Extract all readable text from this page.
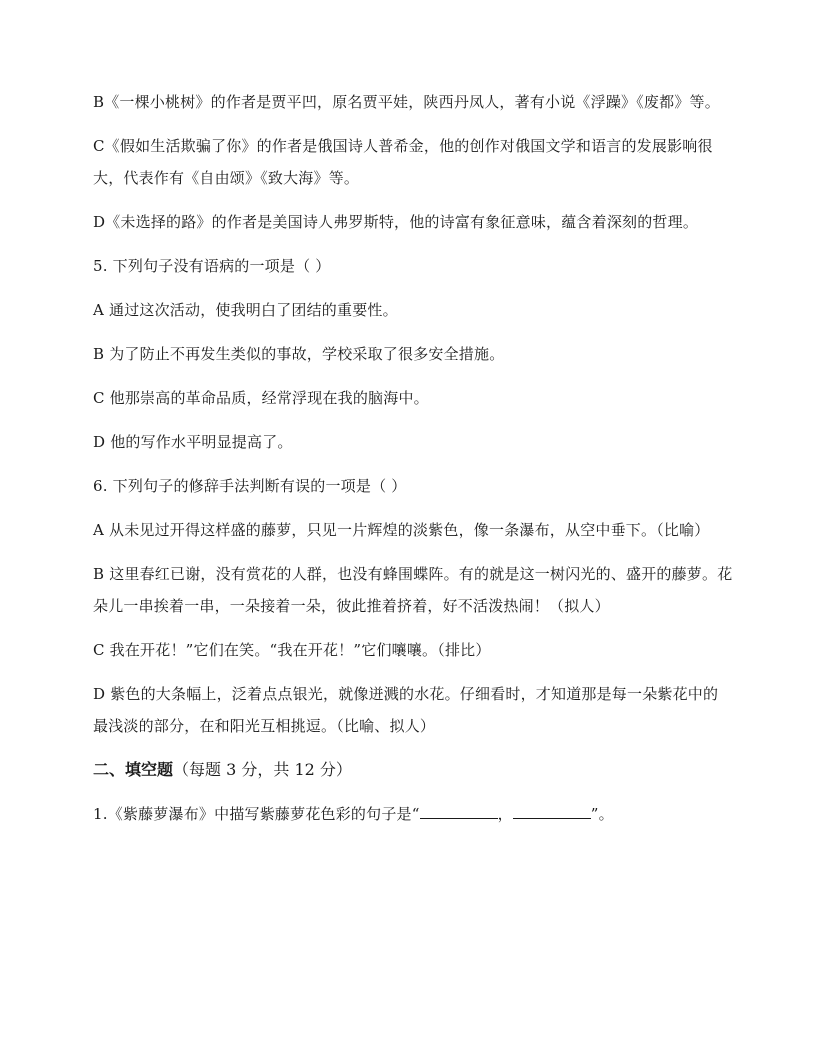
B《一棵小桃树》的作者是贾平凹，原名贾平娃，陕西丹凤人，著有小说《浮躁》《废都》等。

C《假如生活欺骗了你》的作者是俄国诗人普希金，他的创作对俄国文学和语言的发展影响很大，代表作有《自由颂》《致大海》等。

D《未选择的路》的作者是美国诗人弗罗斯特，他的诗富有象征意味，蕴含着深刻的哲理。

5. 下列句子没有语病的一项是（ ）

A 通过这次活动，使我明白了团结的重要性。

B 为了防止不再发生类似的事故，学校采取了很多安全措施。

C 他那崇高的革命品质，经常浮现在我的脑海中。

D 他的写作水平明显提高了。

6. 下列句子的修辞手法判断有误的一项是（ ）

A 从未见过开得这样盛的藤萝，只见一片辉煌的淡紫色，像一条瀑布，从空中垂下。（比喻）

B 这里春红已谢，没有赏花的人群，也没有蜂围蝶阵。有的就是这一树闪光的、盛开的藤萝。花朵儿一串挨着一串，一朵接着一朵，彼此推着挤着，好不活泼热闹！（拟人）

C 我在开花！”它们在笑。“我在开花！”它们嚷嚷。（排比）

D 紫色的大条幅上，泛着点点银光，就像迸溅的水花。仔细看时，才知道那是每一朵紫花中的最浅淡的部分，在和阳光互相挑逗。（比喻、拟人）

二、填空题（每题 3 分，共 12 分）

1.《紫藤萝瀑布》中描写紫藤萝花色彩的句子是“	，	”。
